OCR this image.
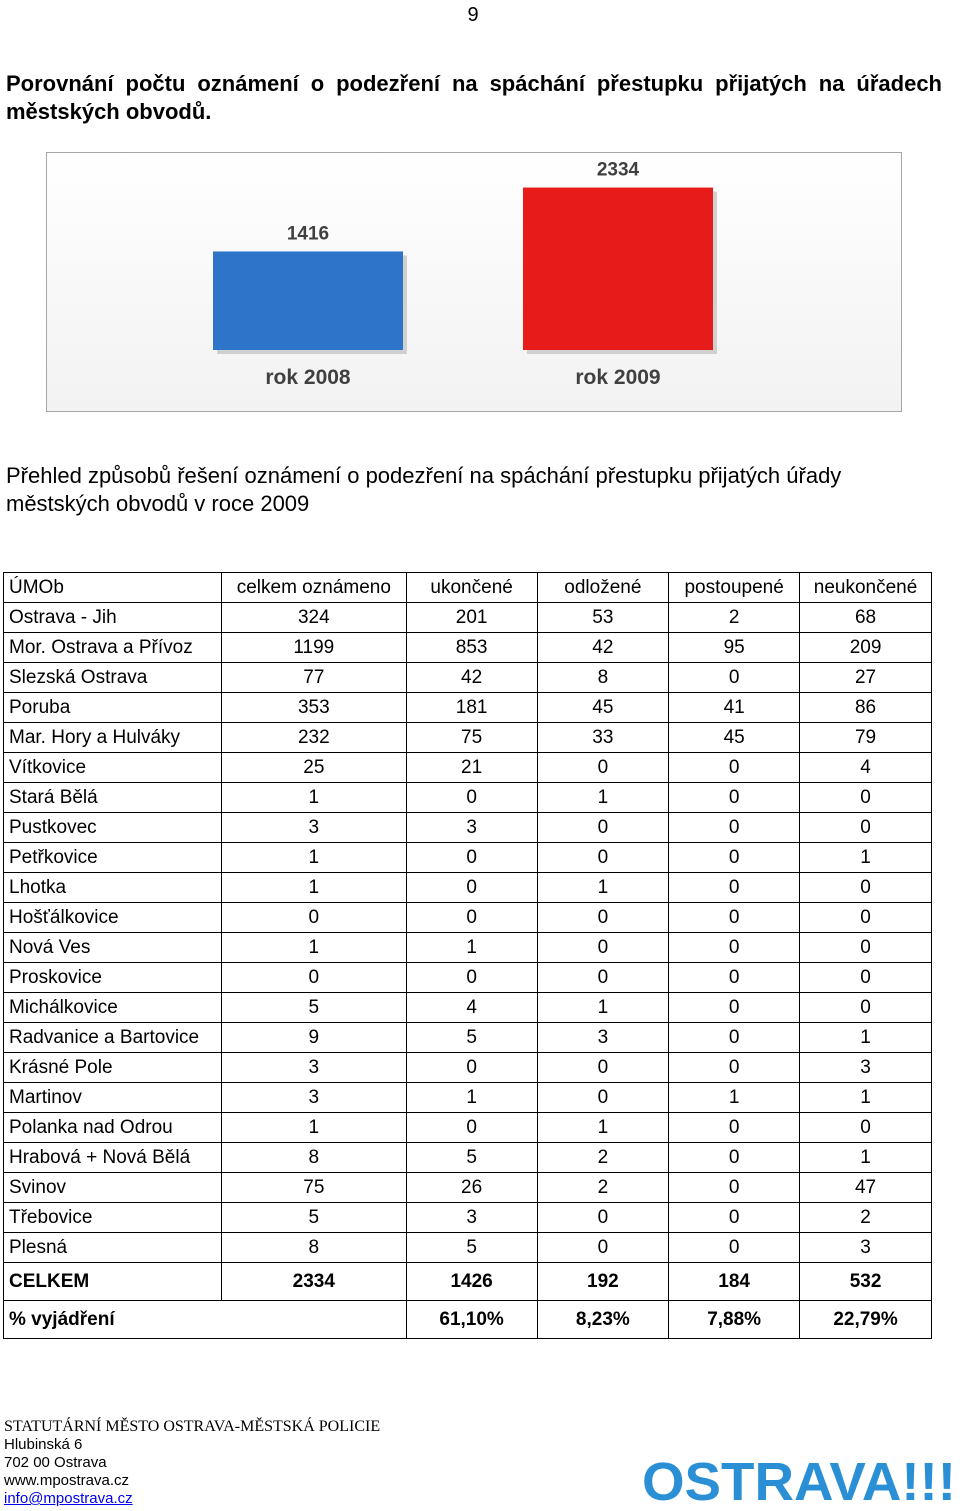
9
Porovnání počtu oznámení o podezření na spáchání přestupku přijatých na úřadech městských obvodů.
1416
rok 2008
2334
rok 2009
Přehled způsobů řešení oznámení o podezření na spáchání přestupku přijatých úřady městských obvodů v roce 2009
ÚMOb	celkem oznámeno	ukončené	odložené	postoupené	neukončené
Ostrava - Jih	324	201	53	2	68
Mor. Ostrava a Přívoz	1199	853	42	95	209
Slezská Ostrava	77	42	8	0	27
Poruba	353	181	45	41	86
Mar. Hory a Hulváky	232	75	33	45	79
Vítkovice	25	21	0	0	4
Stará Bělá	1	0	1	0	0
Pustkovec	3	3	0	0	0
Petřkovice	1	0	0	0	1
Lhotka	1	0	1	0	0
Hošťálkovice	0	0	0	0	0
Nová Ves	1	1	0	0	0
Proskovice	0	0	0	0	0
Michálkovice	5	4	1	0	0
Radvanice a Bartovice	9	5	3	0	1
Krásné Pole	3	0	0	0	3
Martinov	3	1	0	1	1
Polanka nad Odrou	1	0	1	0	0
Hrabová + Nová Bělá	8	5	2	0	1
Svinov	75	26	2	0	47
Třebovice	5	3	0	0	2
Plesná	8	5	0	0	3
CELKEM	2334	1426	192	184	532
% vyjádření		61,10%	8,23%	7,88%	22,79%
STATUTÁRNÍ MĚSTO OSTRAVA-MĚSTSKÁ POLICIE
Hlubinská 6
702 00 Ostrava
www.mpostrava.cz
info@mpostrava.cz	OSTRAVA!!!
